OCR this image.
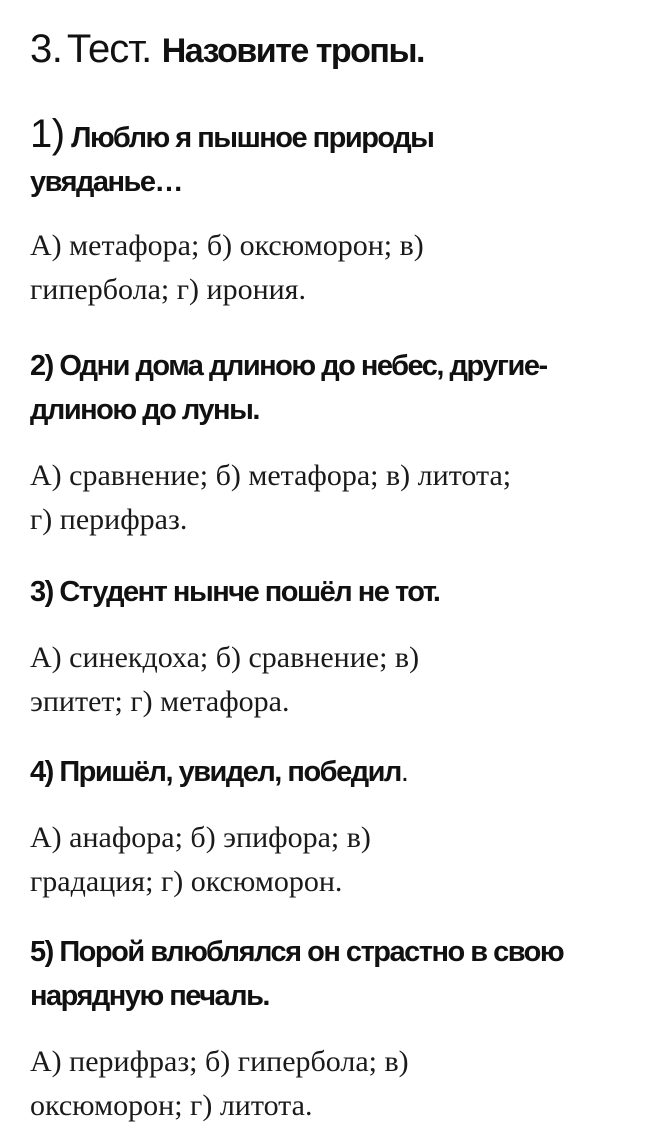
3. Тест. Назовите тропы.

1) Люблю я пышное природы

увяданье…

А) метафора; б) оксюморон; в)

гипербола; г) ирония.

2) Одни дома длиною до небес, другие-

длиною до луны.

А) сравнение; б) метафора; в) литота;

г) перифраз.

3) Студент нынче пошёл не тот.

А) синекдоха; б) сравнение; в)

эпитет; г) метафора.

4) Пришёл, увидел, победил.

А) анафора; б) эпифора; в)

градация; г) оксюморон.

5) Порой влюблялся он страстно в свою

нарядную печаль.

А) перифраз; б) гипербола; в)

оксюморон; г) литота.
